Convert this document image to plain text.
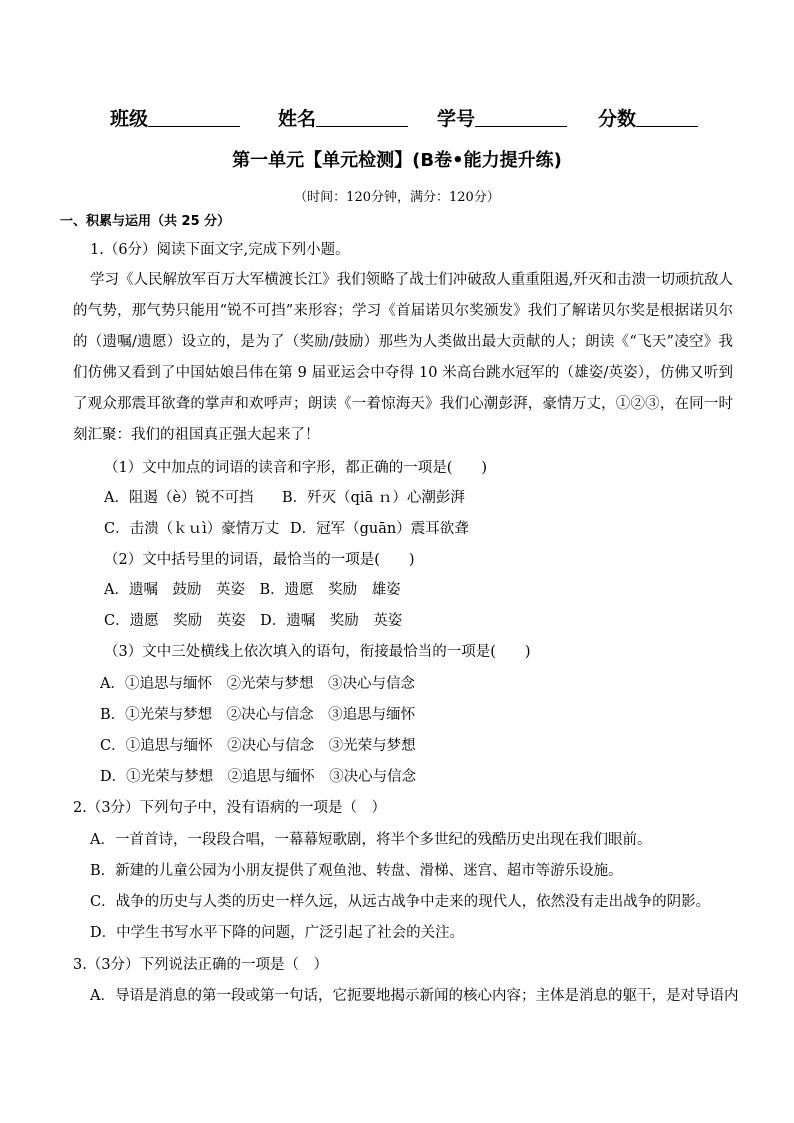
班级	姓名	学号	分数
第一单元【单元检测】(B卷•能力提升练)
（时间：120分钟，满分：120分）
一、积累与运用（共 25 分）
1.（6分）阅读下面文字,完成下列小题。
学习《人民解放军百万大军横渡长江》我们领略了战士们冲破敌人重重阻遏,歼灭和击溃一切顽抗敌人的气势，那气势只能用“锐不可挡”来形容；学习《首届诺贝尔奖颁发》我们了解诺贝尔奖是根据诺贝尔的（遗嘱/遗愿）设立的，是为了（奖励/鼓励）那些为人类做出最大贡献的人；朗读《“飞天”凌空》我们仿佛又看到了中国姑娘吕伟在第 9 届亚运会中夺得 10 米高台跳水冠军的（雄姿/英姿），仿佛又听到了观众那震耳欲聋的掌声和欢呼声；朗读《一着惊海天》我们心潮彭湃，豪情万丈，①②③，在同一时刻汇聚：我们的祖国真正强大起来了！
（1）文中加点的词语的读音和字形，都正确的一项是(　　)
A．阻遏（è）锐不可挡 B．歼灭（qiā ｎ）心潮彭湃
C．击溃（ｋｕì）豪情万丈 D．冠军（guān）震耳欲聋
（2）文中括号里的词语，最恰当的一项是(　　)
A．遗嘱　鼓励　英姿　B．遗愿　奖励　雄姿
C．遗愿　奖励　英姿　D．遗嘱　奖励　英姿
（3）文中三处横线上依次填入的语句，衔接最恰当的一项是(　　)
A．①追思与缅怀　②光荣与梦想　③决心与信念
B．①光荣与梦想　②决心与信念　③追思与缅怀
C．①追思与缅怀　②决心与信念　③光荣与梦想
D．①光荣与梦想　②追思与缅怀　③决心与信念
2.（3分）下列句子中，没有语病的一项是（　）
A．一首首诗，一段段合唱，一幕幕短歌剧，将半个多世纪的残酷历史出现在我们眼前。
B．新建的儿童公园为小朋友提供了观鱼池、转盘、滑梯、迷宫、超市等游乐设施。
C．战争的历史与人类的历史一样久远，从远古战争中走来的现代人，依然没有走出战争的阴影。
D．中学生书写水平下降的问题，广泛引起了社会的关注。
3.（3分）下列说法正确的一项是（　）
A．导语是消息的第一段或第一句话，它扼要地揭示新闻的核心内容；主体是消息的躯干，是对导语内
